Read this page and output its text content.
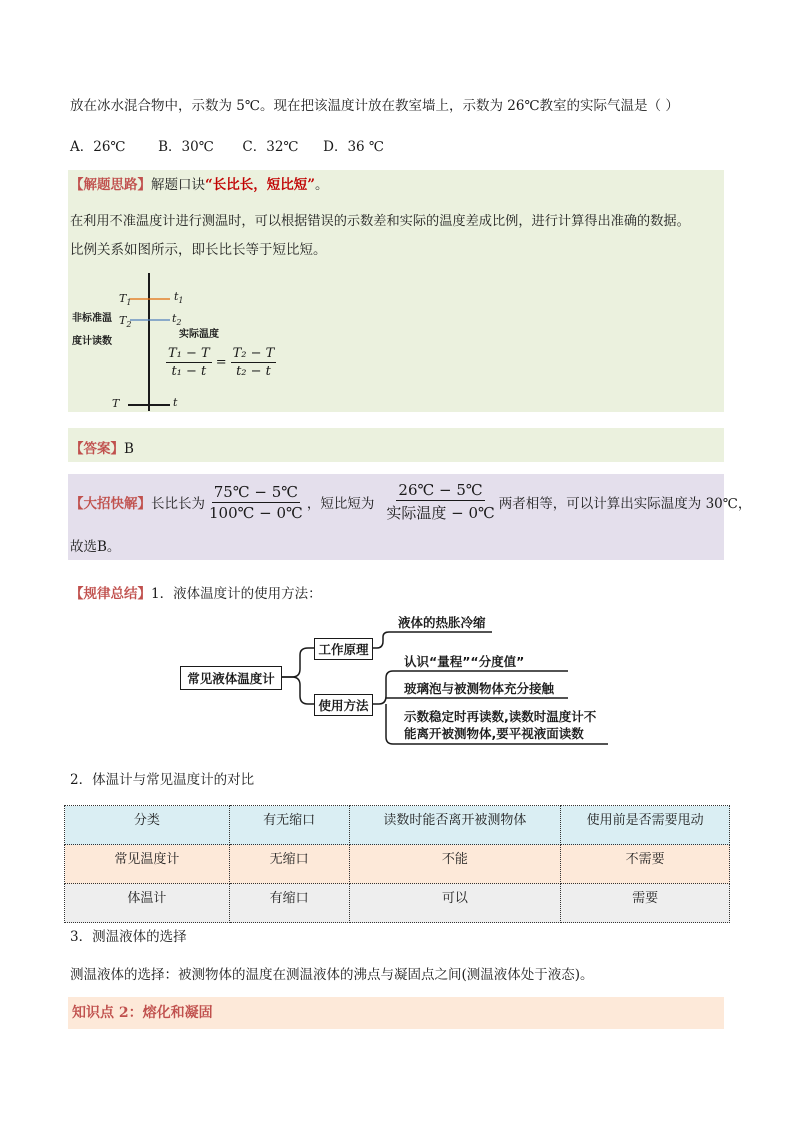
放在冰水混合物中，示数为 5℃。现在把该温度计放在教室墙上，示数为 26℃教室的实际气温是（ ）
A．26℃ B．30℃ C．32℃ D．36 ℃
【解题思路】解题口诀“长比长，短比短”。
在利用不准温度计进行测温时，可以根据错误的示数差和实际的温度差成比例，进行计算得出准确的数据。
比例关系如图所示，即长比长等于短比短。
$T_1$
$T_2$
$t_1$
$t_2$
非标准温
度计读数
实际温度
T	t
$\frac{\text{T₁ − T}}{\text{t₁ − t}} = \frac{\text{T₂ − T}}{\text{t₂ − t}}$
【答案】B
【大招快解】 长比长为 $\frac{75℃ - 5℃}{100℃ - 0℃}$ ，短比短为 $\frac{26℃ - 5℃}{\text{实际温度 − 0℃}}$ 两者相等，可以计算出实际温度为 30℃，
故选B。
【规律总结】1．液体温度计的使用方法：
常见液体温度计
工作原理
使用方法
液体的热胀冷缩
认识“量程”“分度值”
玻璃泡与被测物体充分接触
示数稳定时再读数,读数时温度计不
能离开被测物体,要平视液面读数
2．体温计与常见温度计的对比
分类	有无缩口	读数时能否离开被测物体	使用前是否需要甩动
常见温度计	无缩口	不能	不需要
体温计	有缩口	可以	需要
3．测温液体的选择
测温液体的选择：被测物体的温度在测温液体的沸点与凝固点之间(测温液体处于液态)。
知识点 2：熔化和凝固
